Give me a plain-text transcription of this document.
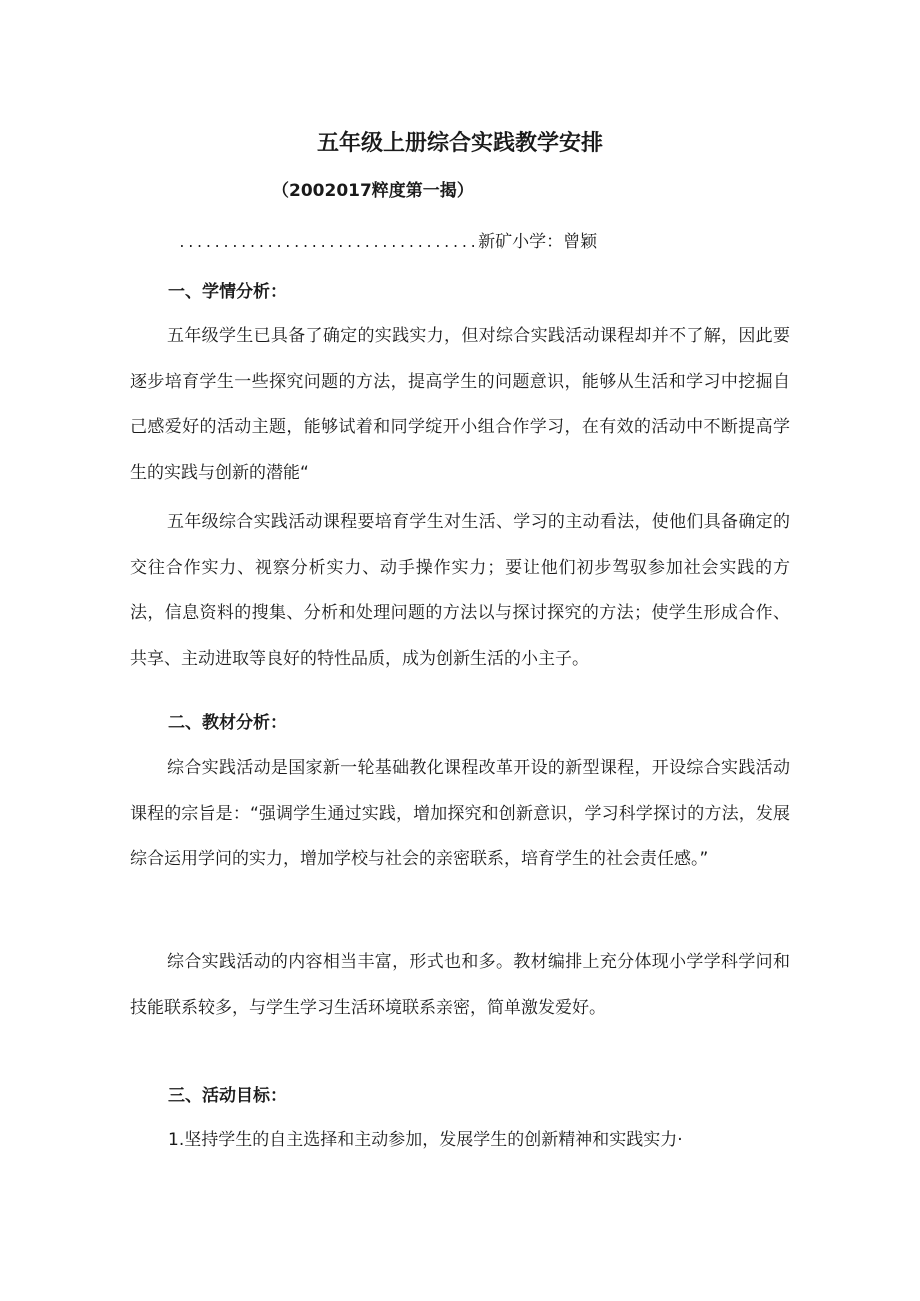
五年级上册综合实践教学安排
（2002017粹度第一揭）
..................................新矿小学：曾颖
一、学情分析：
五年级学生已具备了确定的实践实力，但对综合实践活动课程却并不了解，因此要逐步培育学生一些探究问题的方法，提高学生的问题意识，能够从生活和学习中挖掘自己感爱好的活动主题，能够试着和同学绽开小组合作学习，在有效的活动中不断提高学生的实践与创新的潜能“
五年级综合实践活动课程要培育学生对生活、学习的主动看法，使他们具备确定的交往合作实力、视察分析实力、动手操作实力；要让他们初步驾驭参加社会实践的方法，信息资料的搜集、分析和处理问题的方法以与探讨探究的方法；使学生形成合作、共享、主动进取等良好的特性品质，成为创新生活的小主子。
二、教材分析：
综合实践活动是国家新一轮基础教化课程改革开设的新型课程，开设综合实践活动课程的宗旨是：“强调学生通过实践，增加探究和创新意识，学习科学探讨的方法，发展综合运用学问的实力，增加学校与社会的亲密联系，培育学生的社会责任感。”
综合实践活动的内容相当丰富，形式也和多。教材编排上充分体现小学学科学问和技能联系较多，与学生学习生活环境联系亲密，简单激发爱好。
三、活动目标：
1.坚持学生的自主选择和主动参加，发展学生的创新精神和实践实力·
